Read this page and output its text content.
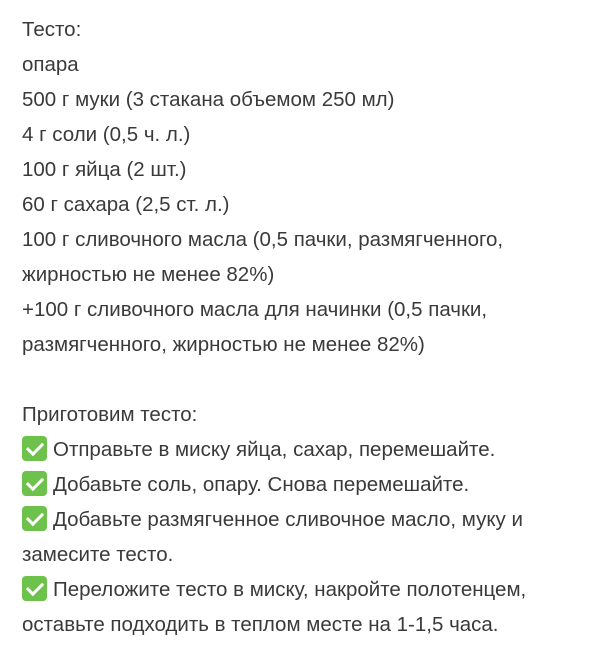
Тесто:
опара
500 г муки (3 стакана объемом 250 мл)
4 г соли (0,5 ч. л.)
100 г яйца (2 шт.)
60 г сахара (2,5 ст. л.)
100 г сливочного масла (0,5 пачки, размягченного, жирностью не менее 82%)
+100 г сливочного масла для начинки (0,5 пачки, размягченного, жирностью не менее 82%)
Приготовим тесто:
Отправьте в миску яйца, сахар, перемешайте.
Добавьте соль, опару. Снова перемешайте.
Добавьте размягченное сливочное масло, муку и замесите тесто.
Переложите тесто в миску, накройте полотенцем, оставьте подходить в теплом месте на 1-1,5 часа.
